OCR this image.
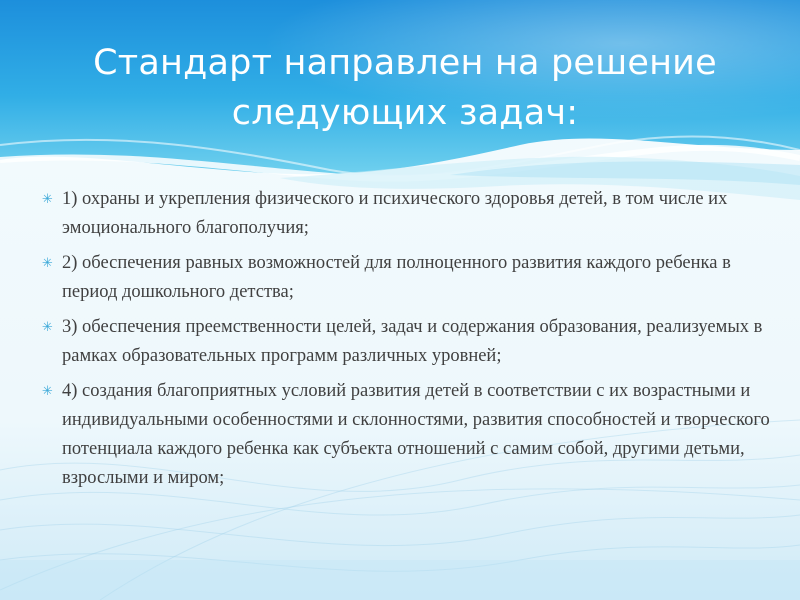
Стандарт направлен на решение следующих задач:
✳ 1) охраны и укрепления физического и психического здоровья детей, в том числе их эмоционального благополучия;
✳ 2) обеспечения равных возможностей для полноценного развития каждого ребенка в период дошкольного детства;
✳ 3) обеспечения преемственности целей, задач и содержания образования, реализуемых в рамках образовательных программ различных уровней;
✳ 4) создания благоприятных условий развития детей в соответствии с их возрастными и индивидуальными особенностями и склонностями, развития способностей и творческого потенциала каждого ребенка как субъекта отношений с самим собой, другими детьми, взрослыми и миром;
